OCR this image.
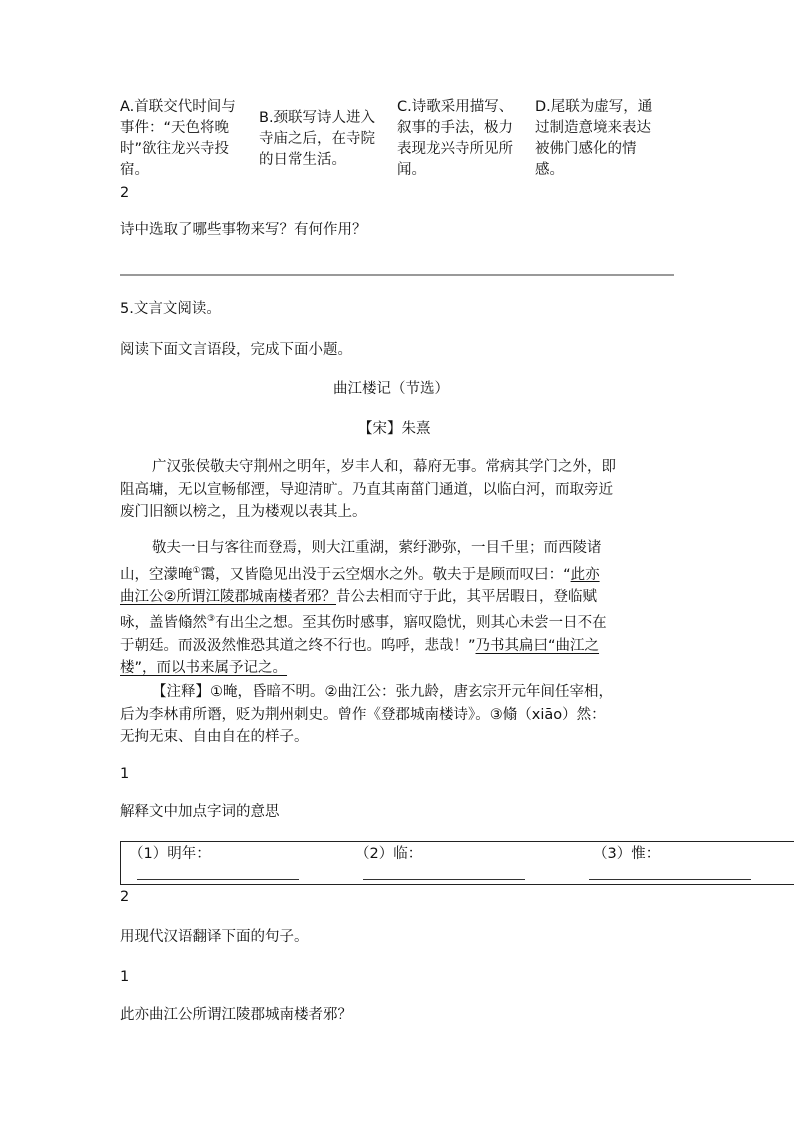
A.首联交代时间与
事件：“天色将晚
时”欲往龙兴寺投
宿。
B.颈联写诗人进入
寺庙之后，在寺院
的日常生活。
C.诗歌采用描写、
叙事的手法，极力
表现龙兴寺所见所
闻。
D.尾联为虚写，通
过制造意境来表达
被佛门感化的情
感。
2
诗中选取了哪些事物来写？有何作用？
5.文言文阅读。
阅读下面文言语段，完成下面小题。
曲江楼记（节选）
【宋】朱熹
广汉张侯敬夫守荆州之明年，岁丰人和，幕府无事。常病其学门之外，即
阻高墉，无以宣畅郁湮，导迎清旷。乃直其南菑门通道，以临白河，而取旁近
废门旧额以榜之，且为楼观以表其上。
敬夫一日与客往而登焉，则大江重湖，萦纡渺弥，一目千里；而西陵诸
山，空濛晻①霭，又皆隐见出没于云空烟水之外。敬夫于是顾而叹曰：“此亦
曲江公②所谓江陵郡城南楼者邪？昔公去相而守于此，其平居暇日，登临赋
咏，盖皆翛然③有出尘之想。至其伤时感事，寤叹隐忧，则其心未尝一日不在
于朝廷。而汲汲然惟恐其道之终不行也。呜呼，悲哉！”乃书其扁曰“曲江之
楼”，而以书来属予记之。
【注释】①晻，昏暗不明。②曲江公：张九龄，唐玄宗开元年间任宰相，
后为李林甫所谮，贬为荆州刺史。曾作《登郡城南楼诗》。③翛（xiāo）然：
无拘无束、自由自在的样子。
1
解释文中加点字词的意思
（1）明年：	（2）临：	（3）惟：
2
用现代汉语翻译下面的句子。
1
此亦曲江公所谓江陵郡城南楼者邪？
